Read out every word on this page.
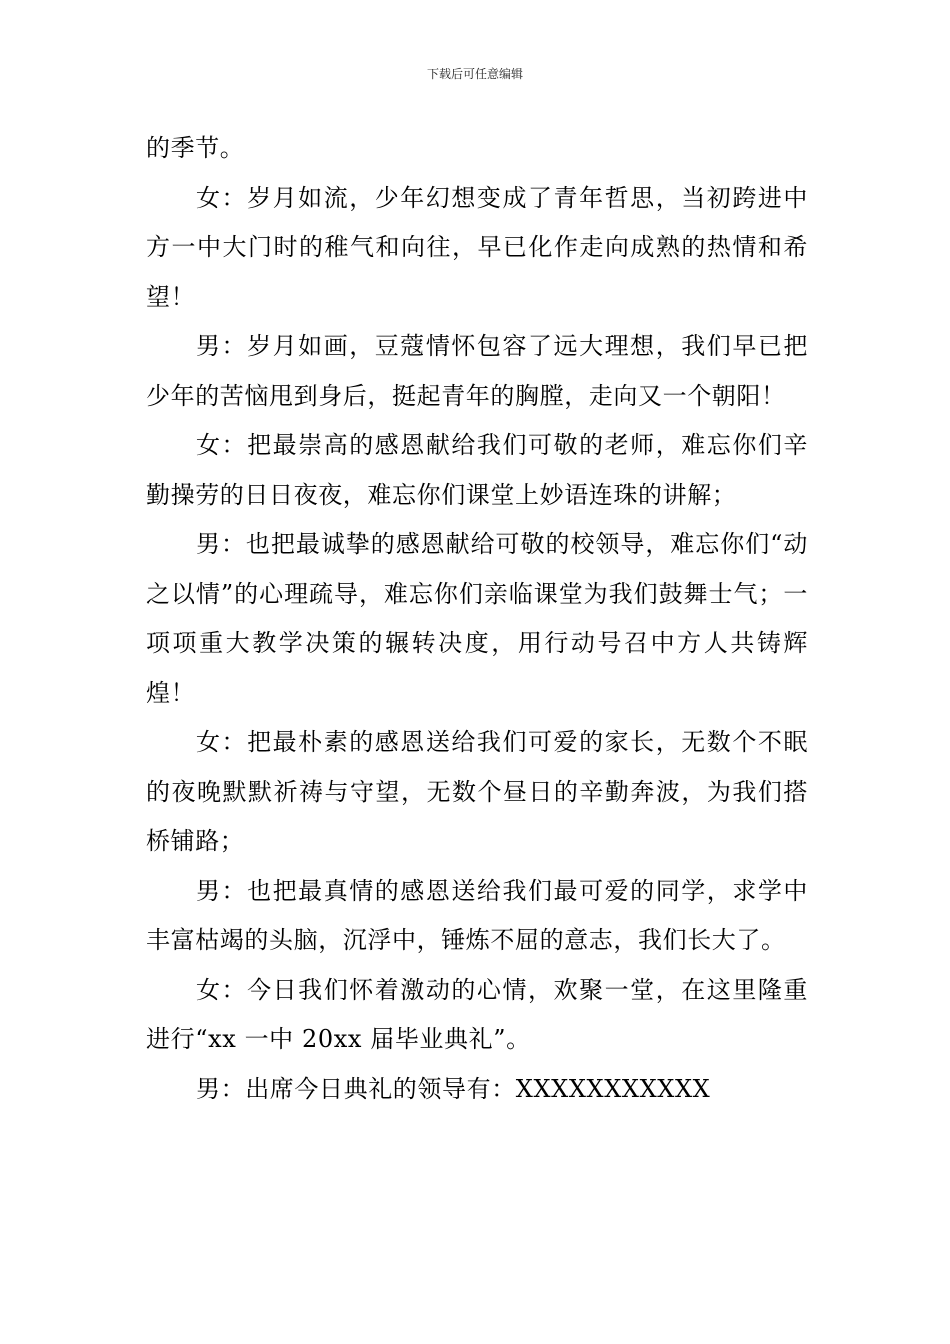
下载后可任意编辑

的季节。

女：岁月如流，少年幻想变成了青年哲思，当初跨进中方一中大门时的稚气和向往，早已化作走向成熟的热情和希望！

男：岁月如画，豆蔻情怀包容了远大理想，我们早已把少年的苦恼甩到身后，挺起青年的胸膛，走向又一个朝阳！

女：把最崇高的感恩献给我们可敬的老师，难忘你们辛勤操劳的日日夜夜，难忘你们课堂上妙语连珠的讲解；

男：也把最诚挚的感恩献给可敬的校领导，难忘你们“动之以情”的心理疏导，难忘你们亲临课堂为我们鼓舞士气；一项项重大教学决策的辗转决度，用行动号召中方人共铸辉煌！

女：把最朴素的感恩送给我们可爱的家长，无数个不眠的夜晚默默祈祷与守望，无数个昼日的辛勤奔波，为我们搭桥铺路；

男：也把最真情的感恩送给我们最可爱的同学，求学中丰富枯竭的头脑，沉浮中，锤炼不屈的意志，我们长大了。

女：今日我们怀着激动的心情，欢聚一堂，在这里隆重进行“xx 一中 20xx 届毕业典礼”。

男：出席今日典礼的领导有：XXXXXXXXXXX
